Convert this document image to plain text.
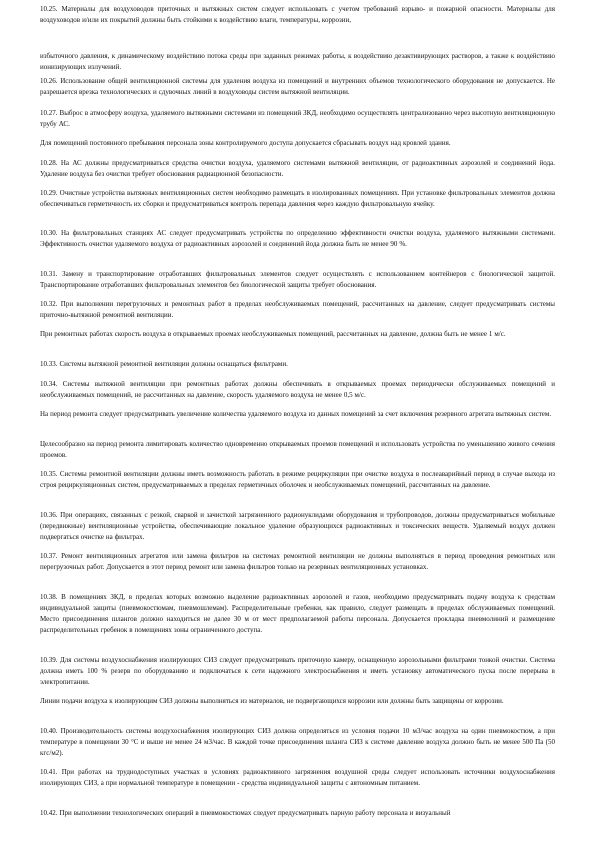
10.25. Материалы для воздуховодов приточных и вытяжных систем следует использовать с учетом требований взрыво- и пожарной опасности. Материалы для воздуховодов и/или их покрытий должны быть стойкими к воздействию влаги, температуры, коррозии,

избыточного давления, к динамическому воздействию потока среды при заданных режимах работы, к воздействию дезактивирующих растворов, а также к воздействию ионизирующих излучений.

10.26. Использование общей вентиляционной системы для удаления воздуха из помещений и внутренних объемов технологического оборудования не допускается. Не разрешается врезка технологических и сдувочных линий в воздуховоды систем вытяжной вентиляции.

10.27. Выброс в атмосферу воздуха, удаляемого вытяжными системами из помещений ЗКД, необходимо осуществлять централизованно через высотную вентиляционную трубу АС.

Для помещений постоянного пребывания персонала зоны контролируемого доступа допускается сбрасывать воздух над кровлей здания.

10.28. На АС должны предусматриваться средства очистки воздуха, удаляемого системами вытяжной вентиляции, от радиоактивных аэрозолей и соединений йода. Удаление воздуха без очистки требует обоснования радиационной безопасности.

10.29. Очистные устройства вытяжных вентиляционных систем необходимо размещать в изолированных помещениях. При установке фильтровальных элементов должна обеспечиваться герметичность их сборки и предусматриваться контроль перепада давления через каждую фильтровальную ячейку.

10.30. На фильтровальных станциях АС следует предусматривать устройства по определению эффективности очистки воздуха, удаляемого вытяжными системами. Эффективность очистки удаляемого воздуха от радиоактивных аэрозолей и соединений йода должна быть не менее 90 %.

10.31. Замену и транспортирование отработавших фильтровальных элементов следует осуществлять с использованием контейнеров с биологической защитой. Транспортирование отработавших фильтровальных элементов без биологической защиты требует обоснования.

10.32. При выполнении перегрузочных и ремонтных работ в пределах необслуживаемых помещений, рассчитанных на давление, следует предусматривать системы приточно-вытяжной ремонтной вентиляции.

При ремонтных работах скорость воздуха в открываемых проемах необслуживаемых помещений, рассчитанных на давление, должна быть не менее 1 м/с.

10.33. Системы вытяжной ремонтной вентиляции должны оснащаться фильтрами.

10.34. Системы вытяжной вентиляции при ремонтных работах должны обеспечивать в открываемых проемах периодически обслуживаемых помещений и необслуживаемых помещений, не рассчитанных на давление, скорость удаляемого воздуха не менее 0,5 м/с.

На период ремонта следует предусматривать увеличение количества удаляемого воздуха из данных помещений за счет включения резервного агрегата вытяжных систем.

Целесообразно на период ремонта лимитировать количество одновременно открываемых проемов помещений и использовать устройства по уменьшению живого сечения проемов.

10.35. Системы ремонтной вентиляции должны иметь возможность работать в режиме рециркуляции при очистке воздуха в послеаварийный период в случае выхода из строя рециркуляционных систем, предусматриваемых в пределах герметичных оболочек и необслуживаемых помещений, рассчитанных на давление.

10.36. При операциях, связанных с резкой, сваркой и зачисткой загрязненного радионуклидами оборудования и трубопроводов, должны предусматриваться мобильные (передвижные) вентиляционные устройства, обеспечивающие локальное удаление образующихся радиоактивных и токсических веществ. Удаляемый воздух должен подвергаться очистке на фильтрах.

10.37. Ремонт вентиляционных агрегатов или замена фильтров на системах ремонтной вентиляции не должны выполняться в период проведения ремонтных или перегрузочных работ. Допускается в этот период ремонт или замена фильтров только на резервных вентиляционных установках.

10.38. В помещениях ЗКД, в пределах которых возможно выделение радиоактивных аэрозолей и газов, необходимо предусматривать подачу воздуха к средствам индивидуальной защиты (пневмокостюмам, пневмошлемам). Распределительные гребенки, как правило, следует размещать в пределах обслуживаемых помещений. Место присоединения шлангов должно находиться не далее 30 м от мест предполагаемой работы персонала. Допускается прокладка пневмолиний и размещение распределительных гребенок в помещениях зоны ограниченного доступа.

10.39. Для системы воздухоснабжения изолирующих СИЗ следует предусматривать приточную камеру, оснащенную аэрозольными фильтрами тонкой очистки. Система должна иметь 100 % резерв по оборудованию и подключаться к сети надежного электроснабжения и иметь установку автоматического пуска после перерыва в электропитании.

Линии подачи воздуха к изолирующим СИЗ должны выполняться из материалов, не подвергающихся коррозии или должны быть защищены от коррозии.

10.40. Производительность системы воздухоснабжения изолирующих СИЗ должна определяться из условия подачи 10 м3/час воздуха на один пневмокостюм, а при температуре в помещении 30 °С и выше не менее 24 м3/час. В каждой точке присоединения шланга СИЗ к системе давление воздуха должно быть не менее 500 Па (50 кгс/м2).

10.41. При работах на труднодоступных участках в условиях радиоактивного загрязнения воздушной среды следует использовать источники воздухоснабжения изолирующих СИЗ, а при нормальной температуре в помещении - средства индивидуальной защиты с автономным питанием.

10.42. При выполнении технологических операций в пневмокостюмах следует предусматривать парную работу персонала и визуальный
